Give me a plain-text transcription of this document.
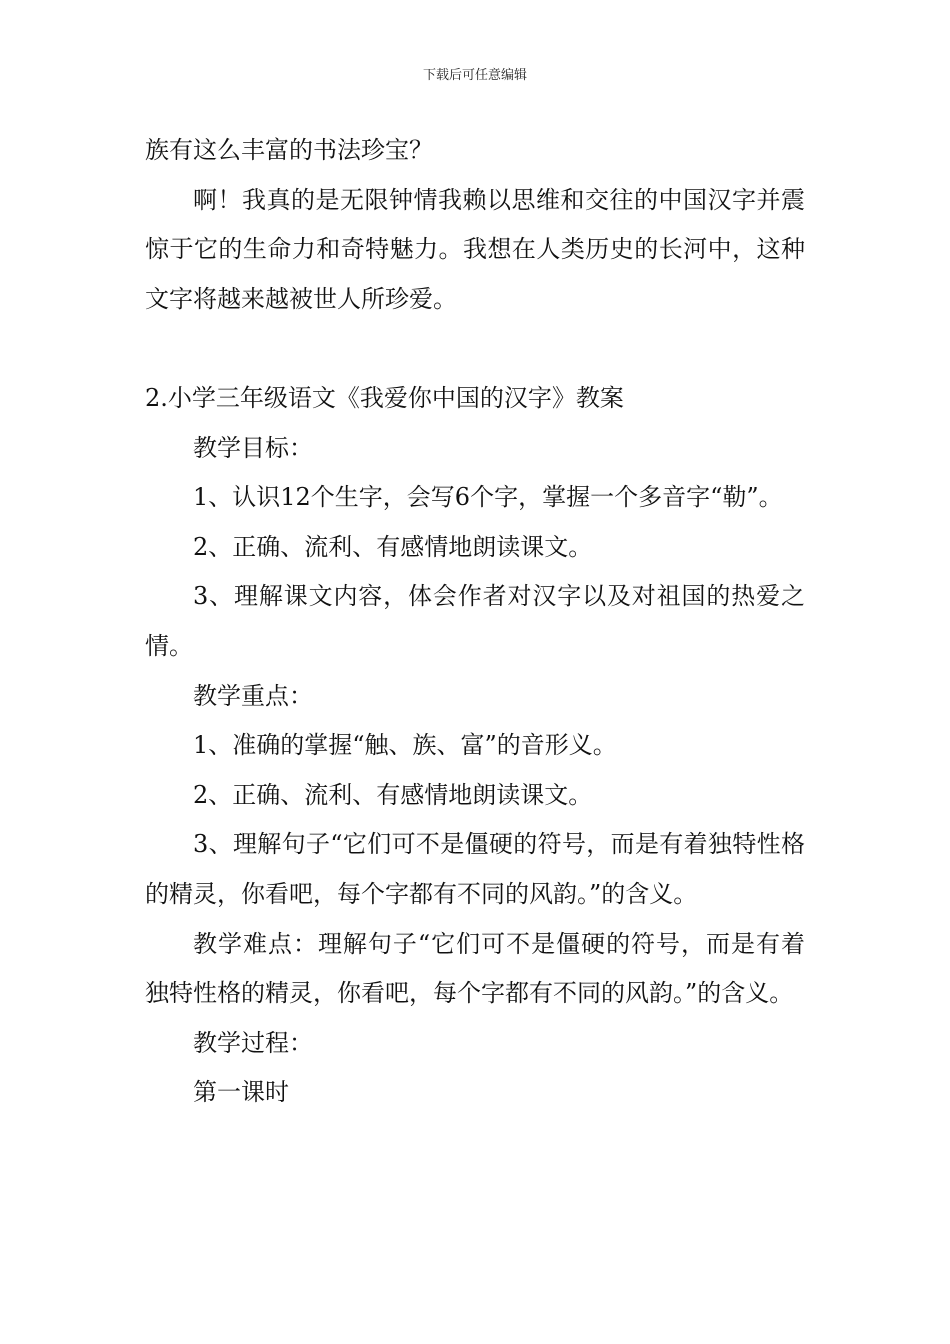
下载后可任意编辑

族有这么丰富的书法珍宝？

啊！我真的是无限钟情我赖以思维和交往的中国汉字并震惊于它的生命力和奇特魅力。我想在人类历史的长河中，这种文字将越来越被世人所珍爱。

2.小学三年级语文《我爱你中国的汉字》教案

教学目标：

1、认识12个生字，会写6个字，掌握一个多音字“勒”。

2、正确、流利、有感情地朗读课文。

3、理解课文内容，体会作者对汉字以及对祖国的热爱之情。

教学重点：

1、准确的掌握“触、族、富”的音形义。

2、正确、流利、有感情地朗读课文。

3、理解句子“它们可不是僵硬的符号，而是有着独特性格的精灵，你看吧，每个字都有不同的风韵。”的含义。

教学难点：理解句子“它们可不是僵硬的符号，而是有着独特性格的精灵，你看吧，每个字都有不同的风韵。”的含义。

教学过程：

第一课时
